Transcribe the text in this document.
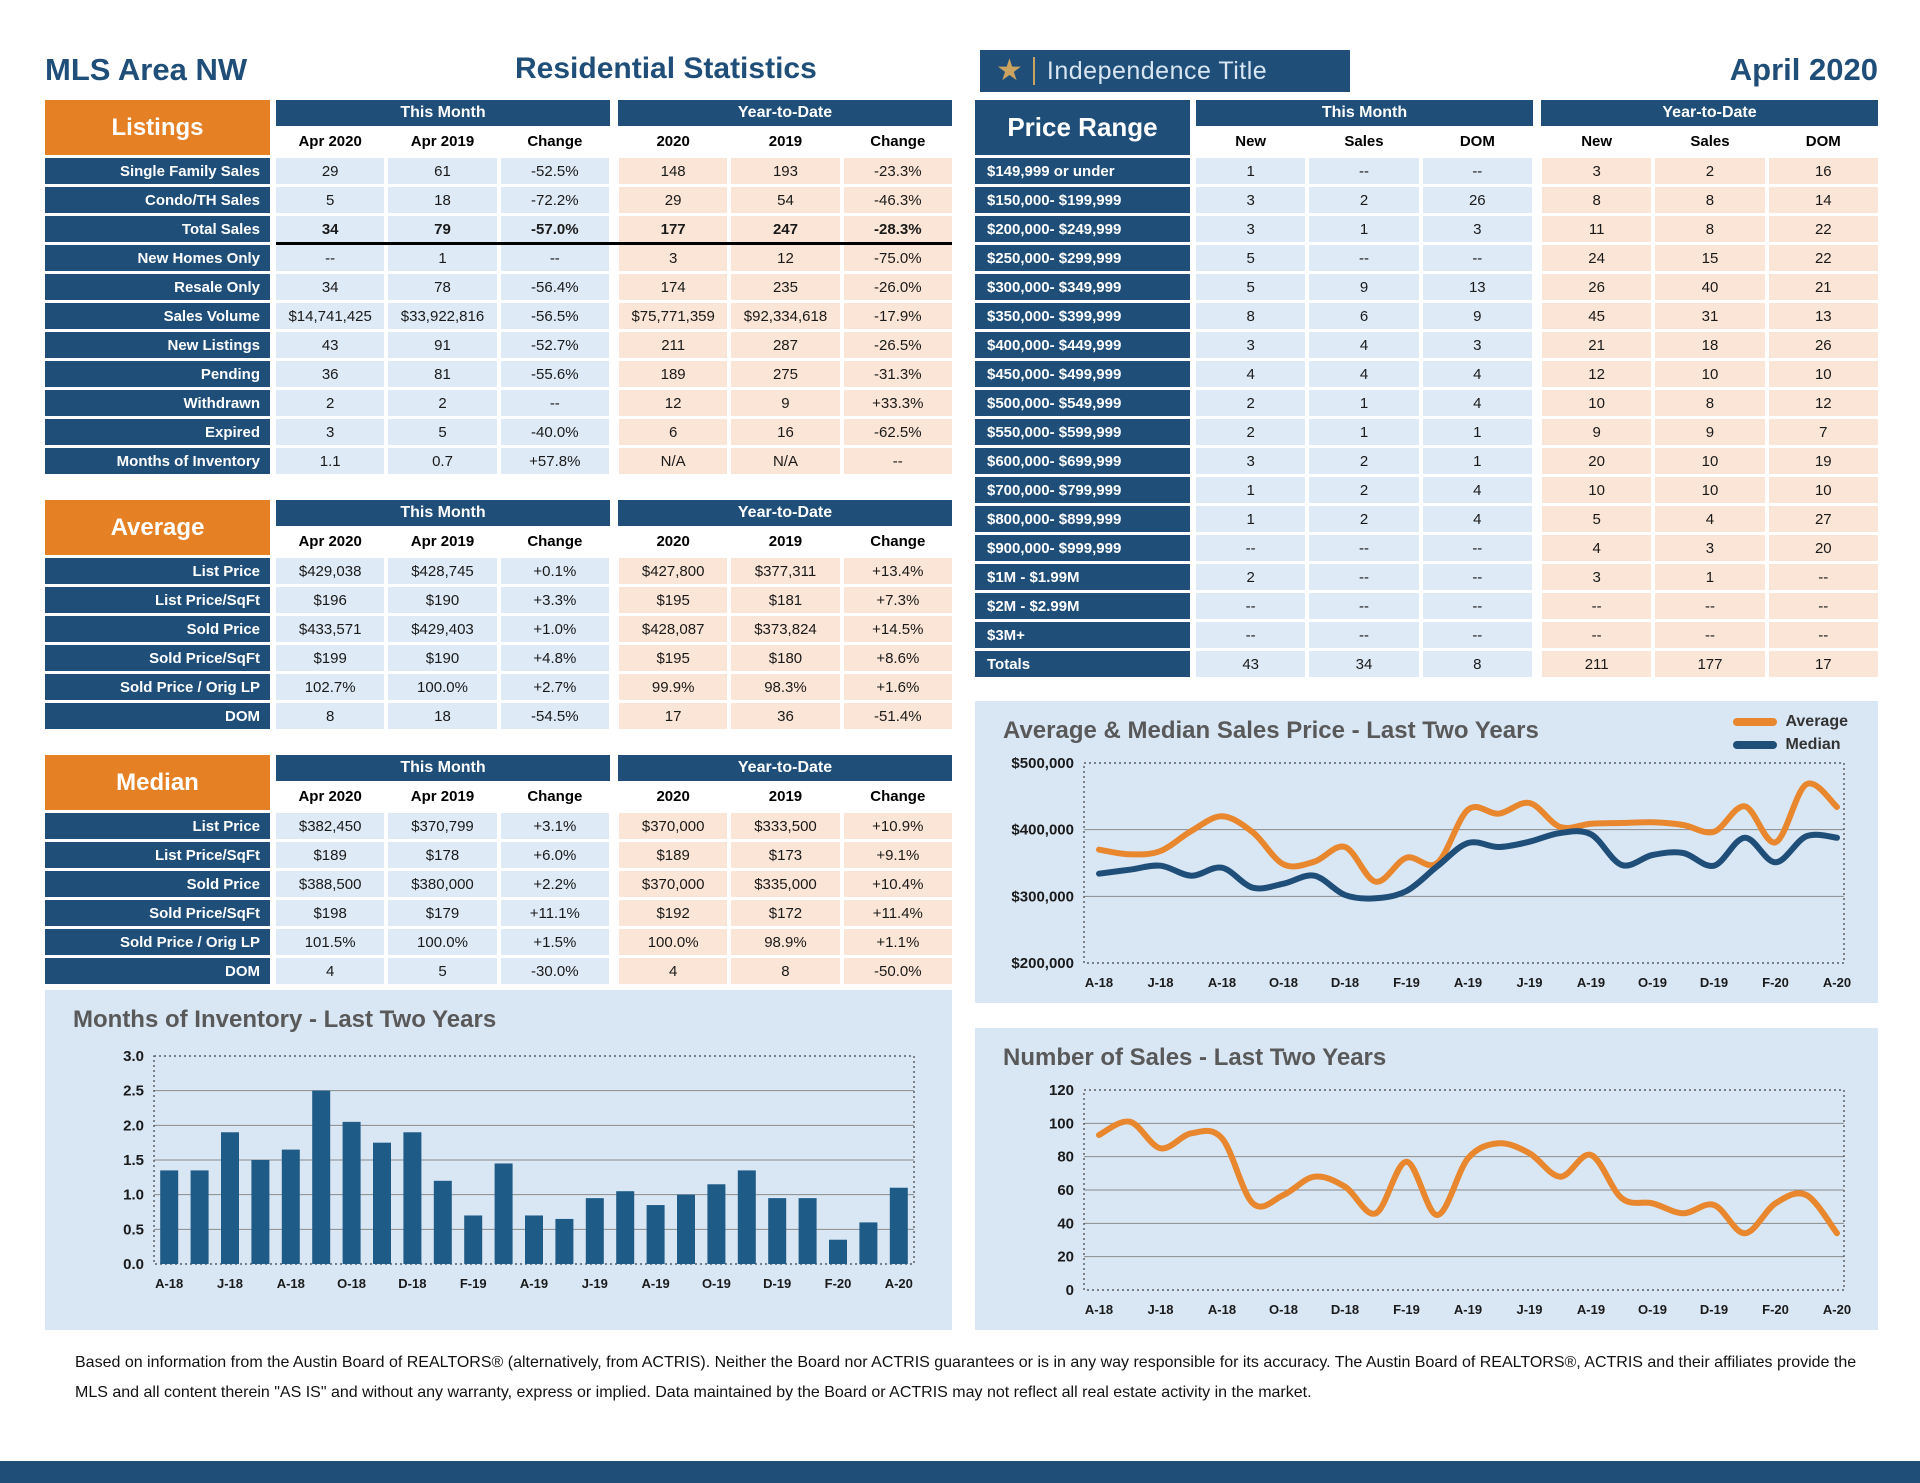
MLS Area NW	Residential Statistics	★ Independence Title	April 2020
Listings
This Month	Year-to-Date
Apr 2020	Apr 2019	Change	2020	2019	Change
Single Family Sales	29	61	-52.5%	148	193	-23.3%
Condo/TH Sales	5	18	-72.2%	29	54	-46.3%
Total Sales	34	79	-57.0%	177	247	-28.3%
New Homes Only	--	1	--	3	12	-75.0%
Resale Only	34	78	-56.4%	174	235	-26.0%
Sales Volume	$14,741,425	$33,922,816	-56.5%	$75,771,359	$92,334,618	-17.9%
New Listings	43	91	-52.7%	211	287	-26.5%
Pending	36	81	-55.6%	189	275	-31.3%
Withdrawn	2	2	--	12	9	+33.3%
Expired	3	5	-40.0%	6	16	-62.5%
Months of Inventory	1.1	0.7	+57.8%	N/A	N/A	--
Average
This Month	Year-to-Date
Apr 2020	Apr 2019	Change	2020	2019	Change
List Price	$429,038	$428,745	+0.1%	$427,800	$377,311	+13.4%
List Price/SqFt	$196	$190	+3.3%	$195	$181	+7.3%
Sold Price	$433,571	$429,403	+1.0%	$428,087	$373,824	+14.5%
Sold Price/SqFt	$199	$190	+4.8%	$195	$180	+8.6%
Sold Price / Orig LP	102.7%	100.0%	+2.7%	99.9%	98.3%	+1.6%
DOM	8	18	-54.5%	17	36	-51.4%
Median
This Month	Year-to-Date
Apr 2020	Apr 2019	Change	2020	2019	Change
List Price	$382,450	$370,799	+3.1%	$370,000	$333,500	+10.9%
List Price/SqFt	$189	$178	+6.0%	$189	$173	+9.1%
Sold Price	$388,500	$380,000	+2.2%	$370,000	$335,000	+10.4%
Sold Price/SqFt	$198	$179	+11.1%	$192	$172	+11.4%
Sold Price / Orig LP	101.5%	100.0%	+1.5%	100.0%	98.9%	+1.1%
DOM	4	5	-30.0%	4	8	-50.0%
Months of Inventory - Last Two Years
3.0
2.5
2.0
1.5
1.0
0.5
0.0
A-18	J-18	A-18 O-18 D-18	F-19	A-19	J-19	A-19 O-19 D-19	F-20	A-20
Price Range	This Month	Year-to-Date
New	Sales	DOM	New	Sales	DOM
$149,999 or under	1	--	--	3	2	16
$150,000- $199,999	3	2	26	8	8	14
$200,000- $249,999	3	1	3	11	8	22
$250,000- $299,999	5	--	--	24	15	22
$300,000- $349,999	5	9	13	26	40	21
$350,000- $399,999	8	6	9	45	31	13
$400,000- $449,999	3	4	3	21	18	26
$450,000- $499,999	4	4	4	12	10	10
$500,000- $549,999	2	1	4	10	8	12
$550,000- $599,999	2	1	1	9	9	7
$600,000- $699,999	3	2	1	20	10	19
$700,000- $799,999	1	2	4	10	10	10
$800,000- $899,999	1	2	4	5	4	27
$900,000- $999,999	--	--	--	4	3	20
$1M - $1.99M	2	--	--	3	1	--
$2M - $2.99M	--	--	--	--	--	--
$3M+	--	--	--	--	--	--
Totals	43	34	8	211	177	17
Average & Median Sales Price - Last Two Years	Average
Median
$500,000
$400,000
$300,000
$200,000
A-18	J-18	A-18	O-18	D-18	F-19	A-19	J-19	A-19	O-19	D-19	F-20	A-20
Number of Sales - Last Two Years
120
100
80
60
40
20
0
A-18	J-18	A-18	O-18	D-18	F-19	A-19	J-19	A-19	O-19	D-19	F-20	A-20
Based on information from the Austin Board of REALTORS® (alternatively, from ACTRIS). Neither the Board nor ACTRIS guarantees or is in any way responsible for its accuracy. The Austin Board of REALTORS®, ACTRIS and their affiliates provide the MLS and all content therein "AS IS" and without any warranty, express or implied. Data maintained by the Board or ACTRIS may not reflect all real estate activity in the market.
